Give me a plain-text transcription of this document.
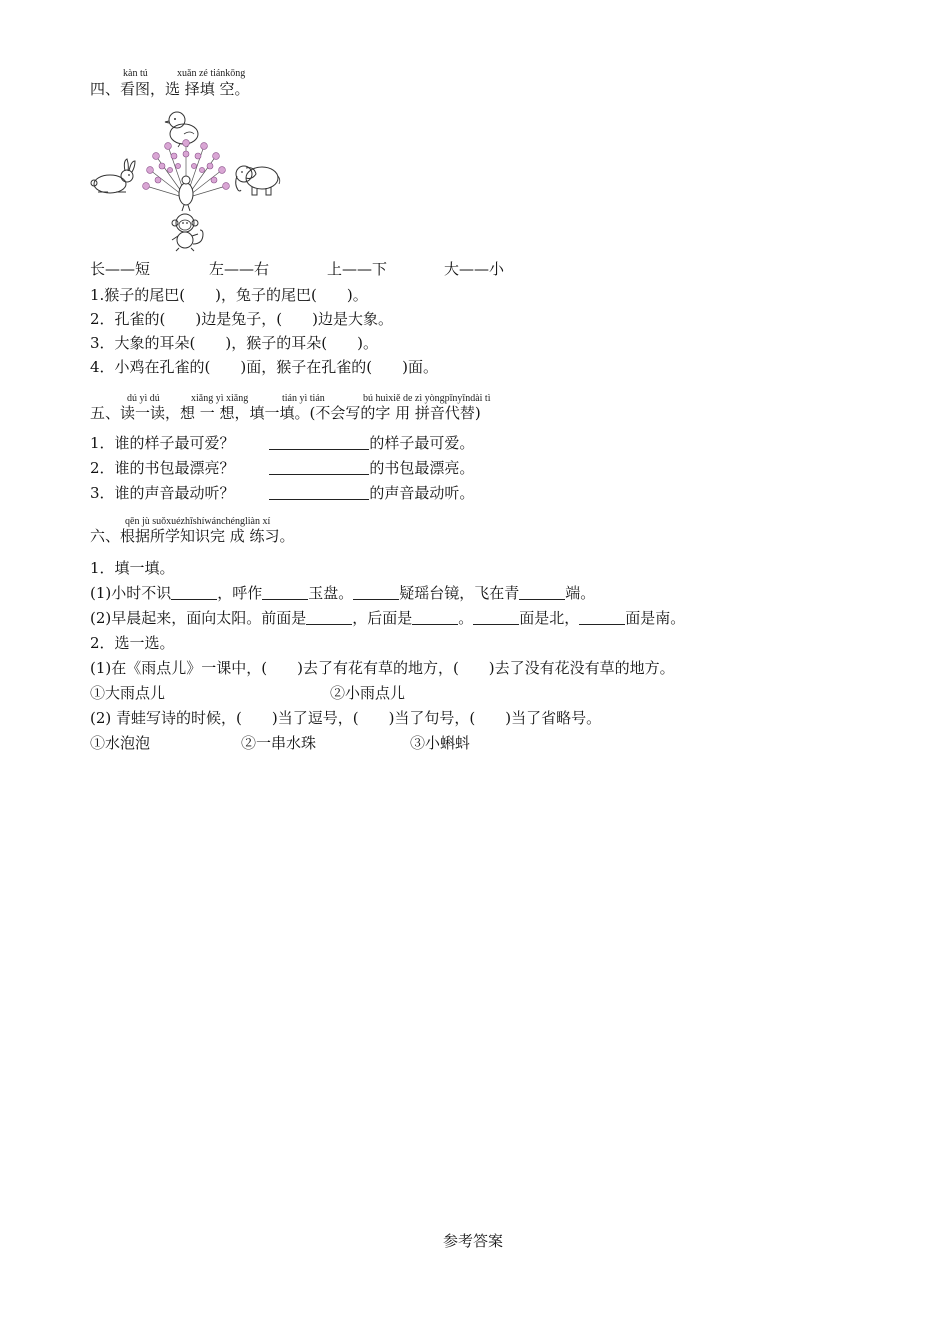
kàn tú	xuǎn zé tiánkōng
四、看图，选 择填 空。
长——短	左——右	上——下	大——小
1.猴子的尾巴(　　)，兔子的尾巴(　　)。
2．孔雀的(　　)边是兔子，(　　)边是大象。
3．大象的耳朵(　　)，猴子的耳朵(　　)。
4．小鸡在孔雀的(　　)面，猴子在孔雀的(　　)面。
dú yì dú	xiǎng yì xiǎng	tián yì tián	bú huìxiě de zì yòngpīnyīndài tì
五、读一读，想 一 想，填一填。(不会写的字 用 拼音代替)
1．谁的样子最可爱？	的样子最可爱。
2．谁的书包最漂亮？	的书包最漂亮。
3．谁的声音最动听？	的声音最动听。
qēn jù suǒxuézhīshíwánchéngliàn xí
六、根据所学知识完 成 练习。
1．填一填。
(1)小时不识	，呼作	玉盘。	疑瑶台镜，飞在青	端。
(2)早晨起来，面向太阳。前面是	，后面是	。	面是北，	面是南。
2．选一选。
(1)在《雨点儿》一课中，(　　)去了有花有草的地方，(　　)去了没有花没有草的地方。
①大雨点儿	②小雨点儿
(2) 青蛙写诗的时候，(　　)当了逗号，(　　)当了句号，(　　)当了省略号。
①水泡泡	②一串水珠	③小蝌蚪
参考答案
